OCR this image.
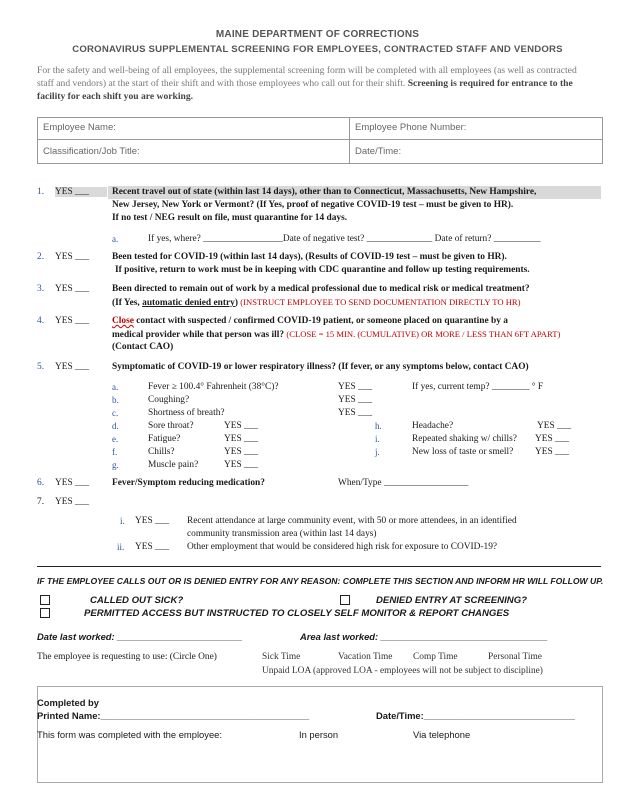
MAINE DEPARTMENT OF CORRECTIONS
CORONAVIRUS SUPPLEMENTAL SCREENING FOR EMPLOYEES, CONTRACTED STAFF AND VENDORS
For the safety and well-being of all employees, the supplemental screening form will be completed with all employees (as well as contracted staff and vendors) at the start of their shift and with those employees who call out for their shift. Screening is required for entrance to the facility for each shift you are working.
Employee Name:	Employee Phone Number:
Classification/Job Title:	Date/Time:
1. YES ___	Recent travel out of state (within last 14 days), other than to Connecticut, Massachusetts, New Hampshire,
New Jersey, New York or Vermont? (If Yes, proof of negative COVID-19 test – must be given to HR).
If no test / NEG result on file, must quarantine for 14 days.
a.	If yes, where? _________________Date of negative test? ______________ Date of return? __________
2. YES ___ Been tested for COVID-19 (within last 14 days), (Results of COVID-19 test – must be given to HR).
If positive, return to work must be in keeping with CDC quarantine and follow up testing requirements.
3. YES ___ Been directed to remain out of work by a medical professional due to medical risk or medical treatment?
(If Yes, automatic denied entry) (INSTRUCT EMPLOYEE TO SEND DOCUMENTATION DIRECTLY TO HR)
4. YES ___ Close contact with suspected / confirmed COVID-19 patient, or someone placed on quarantine by a
medical provider while that person was ill? (CLOSE = 15 MIN. (CUMULATIVE) OR MORE / LESS THAN 6FT APART)
(Contact CAO)
5. YES ___ Symptomatic of COVID-19 or lower respiratory illness? (If fever, or any symptoms below, contact CAO)
a.	Fever ≥ 100.4° Fahrenheit (38°C)?	YES ___	If yes, current temp? ________ ° F
b.	Coughing?	YES ___
c.	Shortness of breath?	YES ___
d.	Sore throat?	YES ___
e.	Fatigue?	YES ___
f.	Chills?	YES ___
g.	Muscle pain?	YES ___
h.	Headache?	YES ___
i.	Repeated shaking w/ chills? YES ___
j.	New loss of taste or smell? YES ___
6. YES ___ Fever/Symptom reducing medication?	When/Type __________________
7. YES ___
i. YES ___ Recent attendance at large community event, with 50 or more attendees, in an identified
community transmission area (within last 14 days)
ii. YES ___ Other employment that would be considered high risk for exposure to COVID-19?
IF THE EMPLOYEE CALLS OUT OR IS DENIED ENTRY FOR ANY REASON: COMPLETE THIS SECTION AND INFORM HR WILL FOLLOW UP.
CALLED OUT SICK?	DENIED ENTRY AT SCREENING?
PERMITTED ACCESS BUT INSTRUCTED TO CLOSELY SELF MONITOR & REPORT CHANGES
Date last worked: ________________________	Area last worked: ________________________________
The employee is requesting to use: (Circle One)	Sick Time	Vacation Time Comp Time	Personal Time
Unpaid LOA (approved LOA - employees will not be subject to discipline)
Completed by
Printed Name:________________________________________	Date/Time:_____________________________
This form was completed with the employee:	In person	Via telephone
